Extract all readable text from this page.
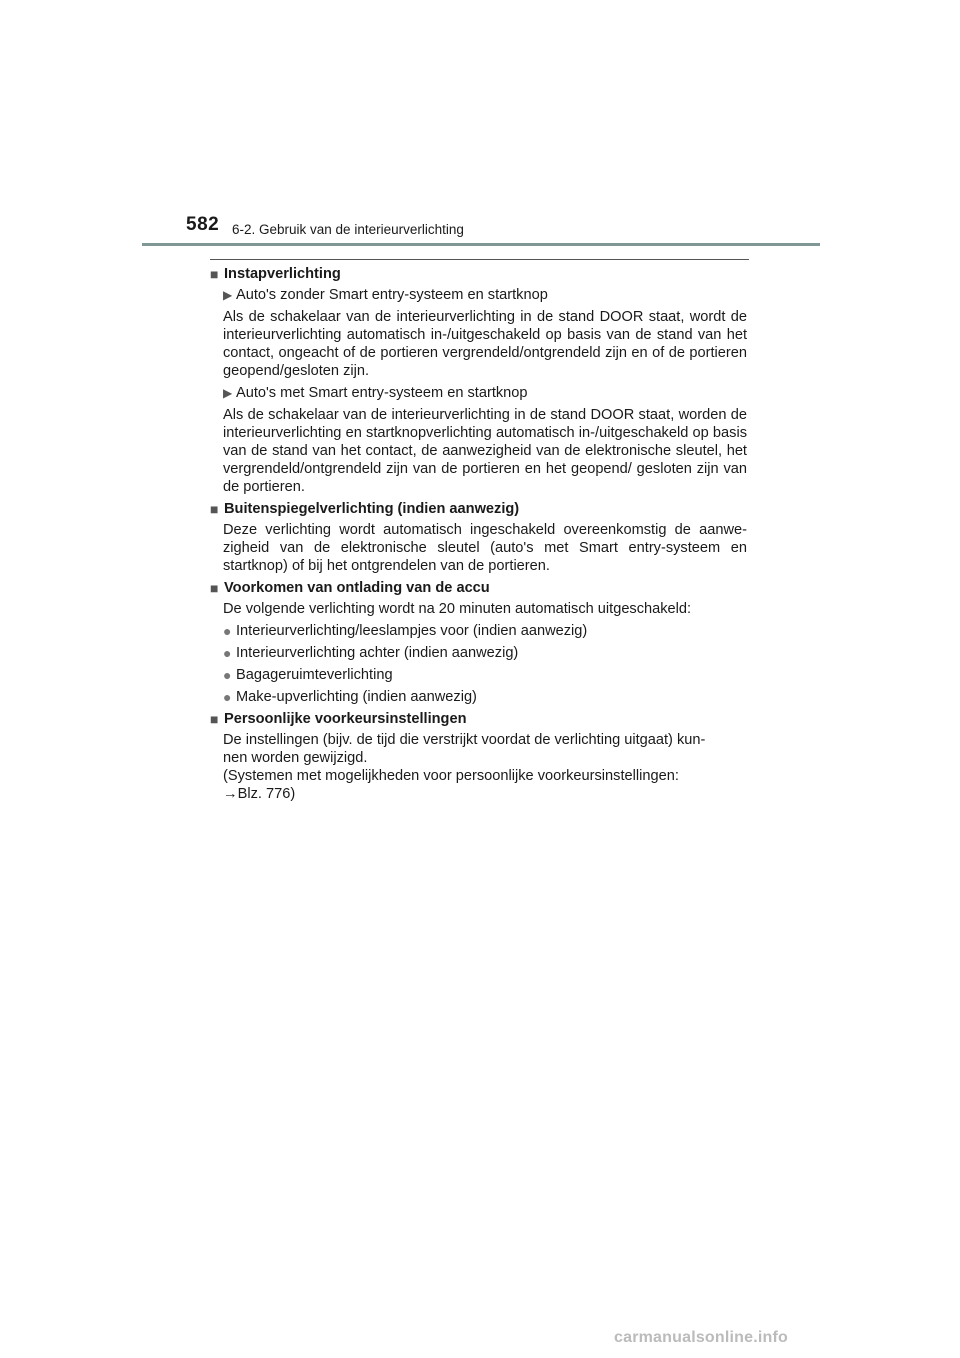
582 6-2. Gebruik van de interieurverlichting
■ Instapverlichting
▶ Auto's zonder Smart entry-systeem en startknop

Als de schakelaar van de interieurverlichting in de stand DOOR staat, wordt de interieurverlichting automatisch in-/uitgeschakeld op basis van de stand van het contact, ongeacht of de portieren vergrendeld/ontgrendeld zijn en of de portieren geopend/gesloten zijn.

▶ Auto's met Smart entry-systeem en startknop

Als de schakelaar van de interieurverlichting in de stand DOOR staat, worden de interieurverlichting en startknopverlichting automatisch in-/uitgeschakeld op basis van de stand van het contact, de aanwezigheid van de elektronische sleutel, het vergrendeld/ontgrendeld zijn van de portieren en het geopend/ gesloten zijn van de portieren.

■ Buitenspiegelverlichting (indien aanwezig)

Deze verlichting wordt automatisch ingeschakeld overeenkomstig de aanwe- zigheid van de elektronische sleutel (auto's met Smart entry-systeem en startknop) of bij het ontgrendelen van de portieren.

■ Voorkomen van ontlading van de accu

De volgende verlichting wordt na 20 minuten automatisch uitgeschakeld:

● Interieurverlichting/leeslampjes voor (indien aanwezig)
● Interieurverlichting achter (indien aanwezig)
● Bagageruimteverlichting
● Make-upverlichting (indien aanwezig)
■ Persoonlijke voorkeursinstellingen
De instellingen (bijv. de tijd die verstrijkt voordat de verlichting uitgaat) kun-
nen worden gewijzigd.
(Systemen met mogelijkheden voor persoonlijke voorkeursinstellingen:
→Blz. 776)
carmanualsonline.info
